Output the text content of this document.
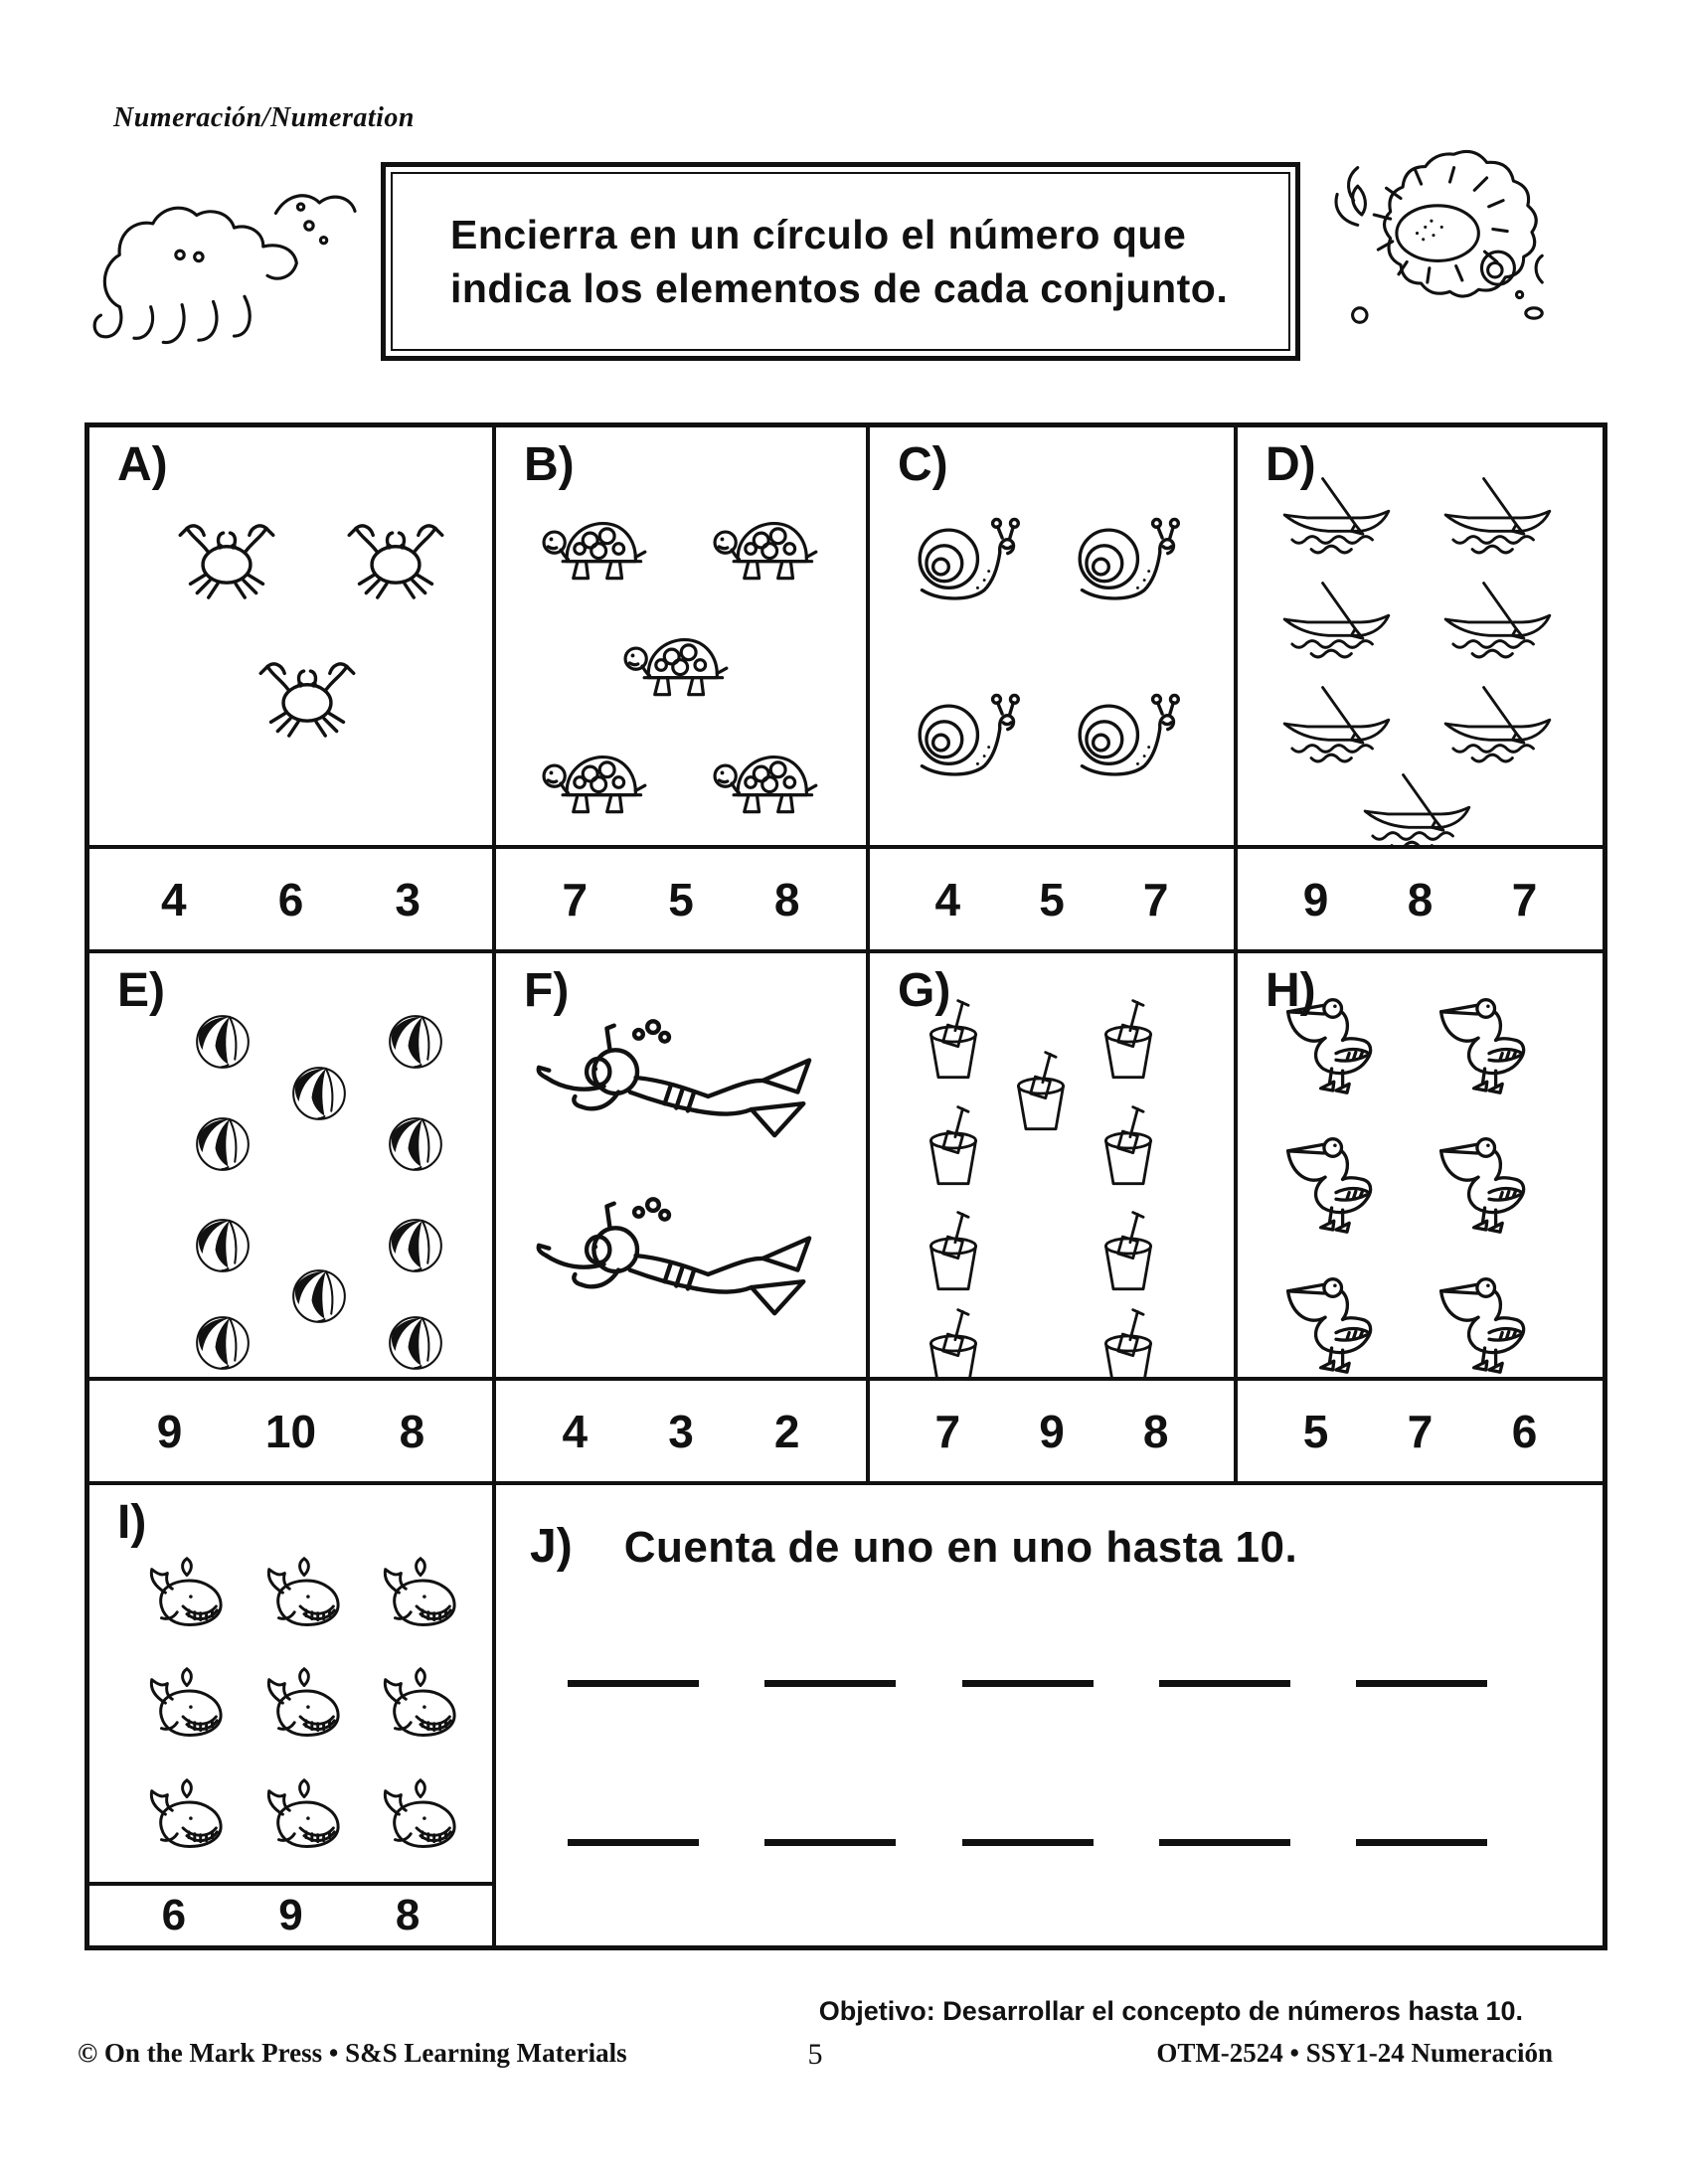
Numeración/Numeration
Encierra en un círculo el número que
indica los elementos de cada conjunto.
A)	B)	C)	D)
4 6 3	7 5 8	4 5 7	9 8 7
E)	F)	G)	H)
9 10 8	4 3 2	7 9 8	5 7 6
I)
6 9 8
J) Cuenta de uno en uno hasta 10.
Objetivo: Desarrollar el concepto de números hasta 10.
© On the Mark Press • S&S Learning Materials	5	OTM-2524 • SSY1-24 Numeración
